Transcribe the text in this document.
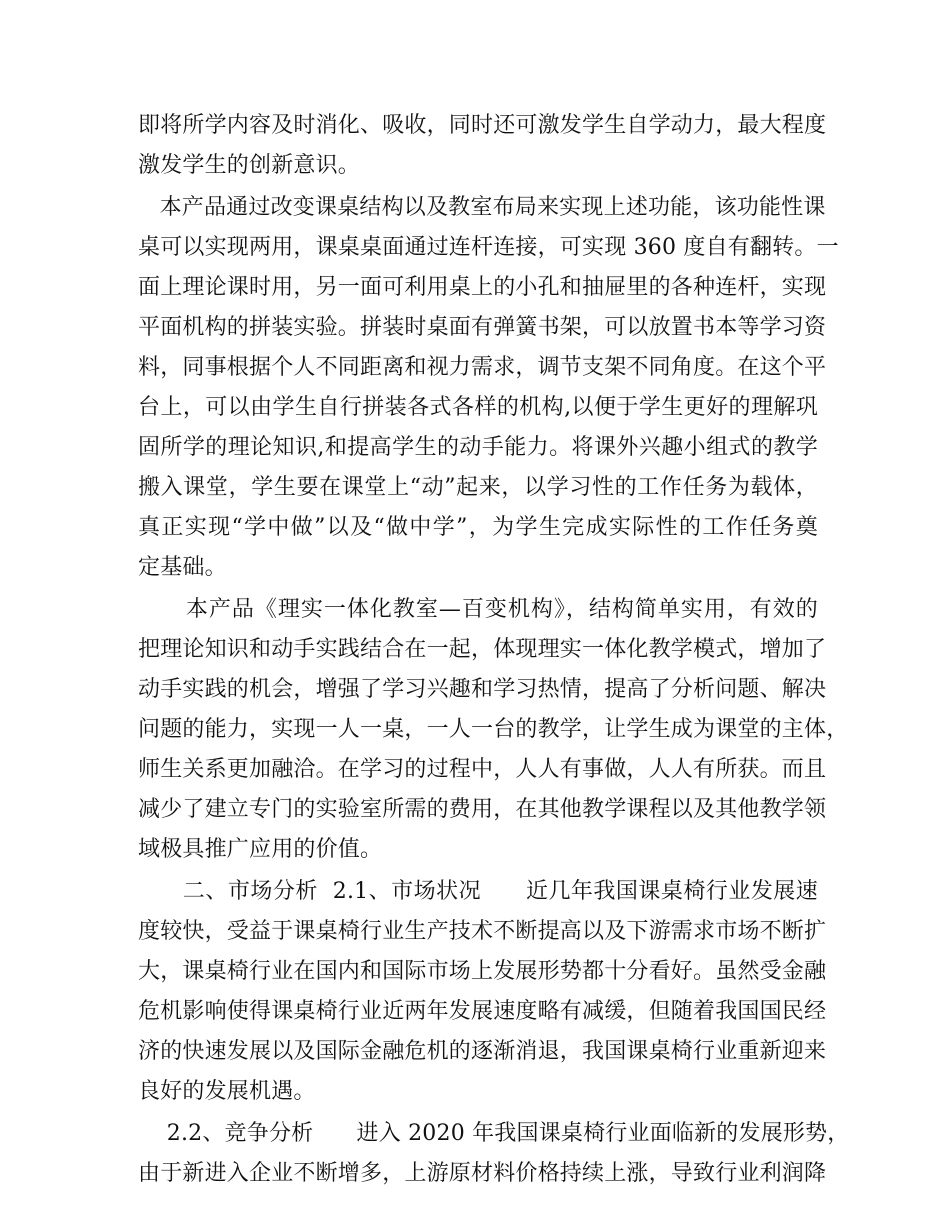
即将所学内容及时消化、吸收，同时还可激发学生自学动力，最大程度
激发学生的创新意识。
本产品通过改变课桌结构以及教室布局来实现上述功能，该功能性课
桌可以实现两用，课桌桌面通过连杆连接，可实现 360 度自有翻转。一
面上理论课时用，另一面可利用桌上的小孔和抽屉里的各种连杆，实现
平面机构的拼装实验。拼装时桌面有弹簧书架，可以放置书本等学习资
料，同事根据个人不同距离和视力需求，调节支架不同角度。在这个平
台上，可以由学生自行拼装各式各样的机构,以便于学生更好的理解巩
固所学的理论知识,和提高学生的动手能力。将课外兴趣小组式的教学
搬入课堂，学生要在课堂上“动”起来，以学习性的工作任务为载体，
真正实现“学中做”以及“做中学”，为学生完成实际性的工作任务奠
定基础。
本产品《理实一体化教室—百变机构》，结构简单实用，有效的
把理论知识和动手实践结合在一起，体现理实一体化教学模式，增加了
动手实践的机会，增强了学习兴趣和学习热情，提高了分析问题、解决
问题的能力，实现一人一桌，一人一台的教学，让学生成为课堂的主体，
师生关系更加融洽。在学习的过程中，人人有事做，人人有所获。而且
减少了建立专门的实验室所需的费用，在其他教学课程以及其他教学领
域极具推广应用的价值。
二、市场分析  2.1、市场状况      近几年我国课桌椅行业发展速
度较快，受益于课桌椅行业生产技术不断提高以及下游需求市场不断扩
大，课桌椅行业在国内和国际市场上发展形势都十分看好。虽然受金融
危机影响使得课桌椅行业近两年发展速度略有减缓，但随着我国国民经
济的快速发展以及国际金融危机的逐渐消退，我国课桌椅行业重新迎来
良好的发展机遇。
2.2、竞争分析      进入 2020 年我国课桌椅行业面临新的发展形势，
由于新进入企业不断增多，上游原材料价格持续上涨，导致行业利润降
